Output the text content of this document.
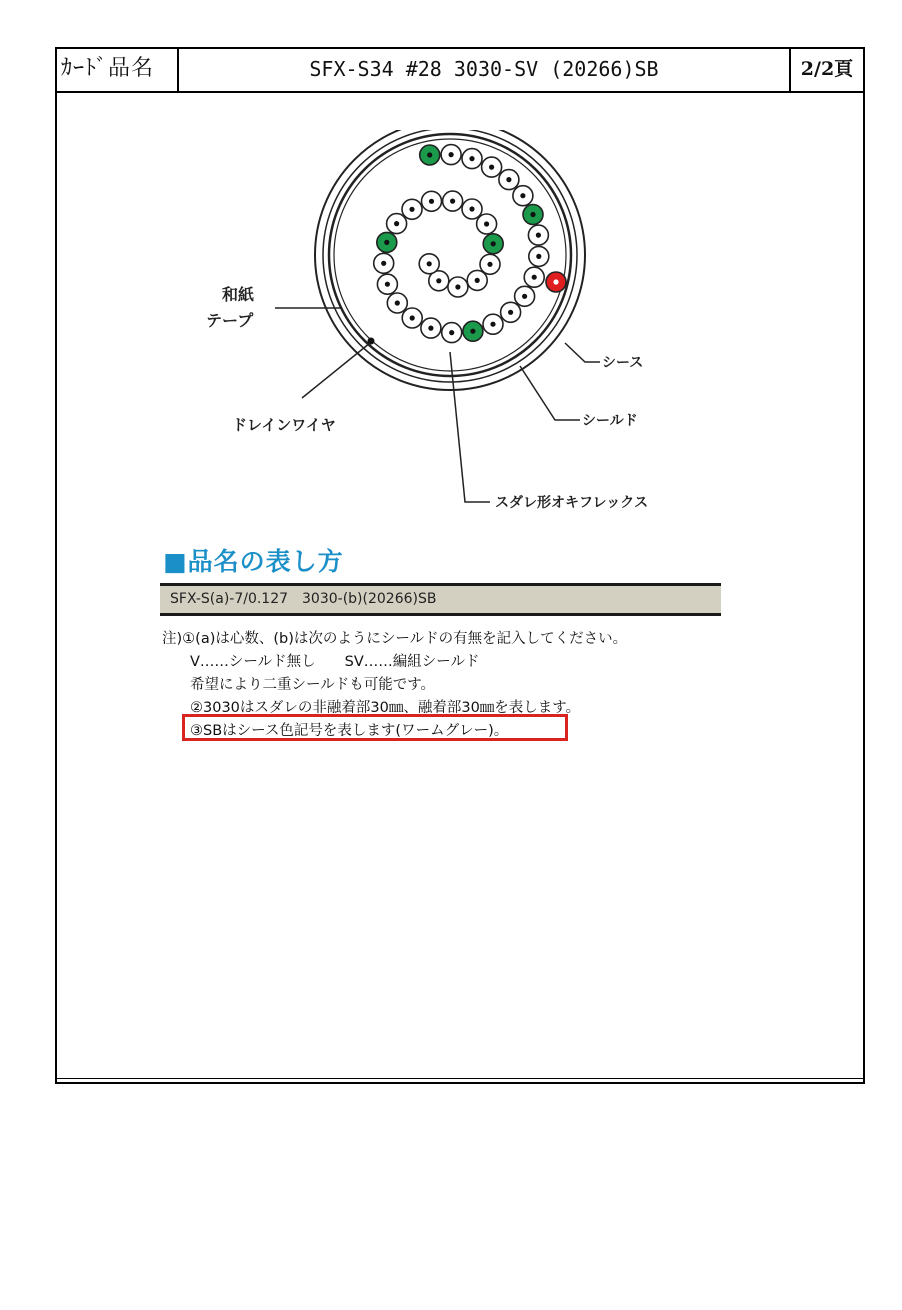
ｶｰﾄﾞ品名	SFX-S34 #28 3030-SV (20266)SB	2/2頁
和紙
テープ
シース
シールド
ドレインワイヤ
スダレ形オキフレックス
■品名の表し方
SFX-S(a)-7/0.127　3030-(b)(20266)SB
注)①(a)は心数、(b)は次のようにシールドの有無を記入してください。
V……シールド無し　　SV……編組シールド
希望により二重シールドも可能です。
②3030はスダレの非融着部30㎜、融着部30㎜を表します。
③SBはシース色記号を表します(ワームグレー)。
